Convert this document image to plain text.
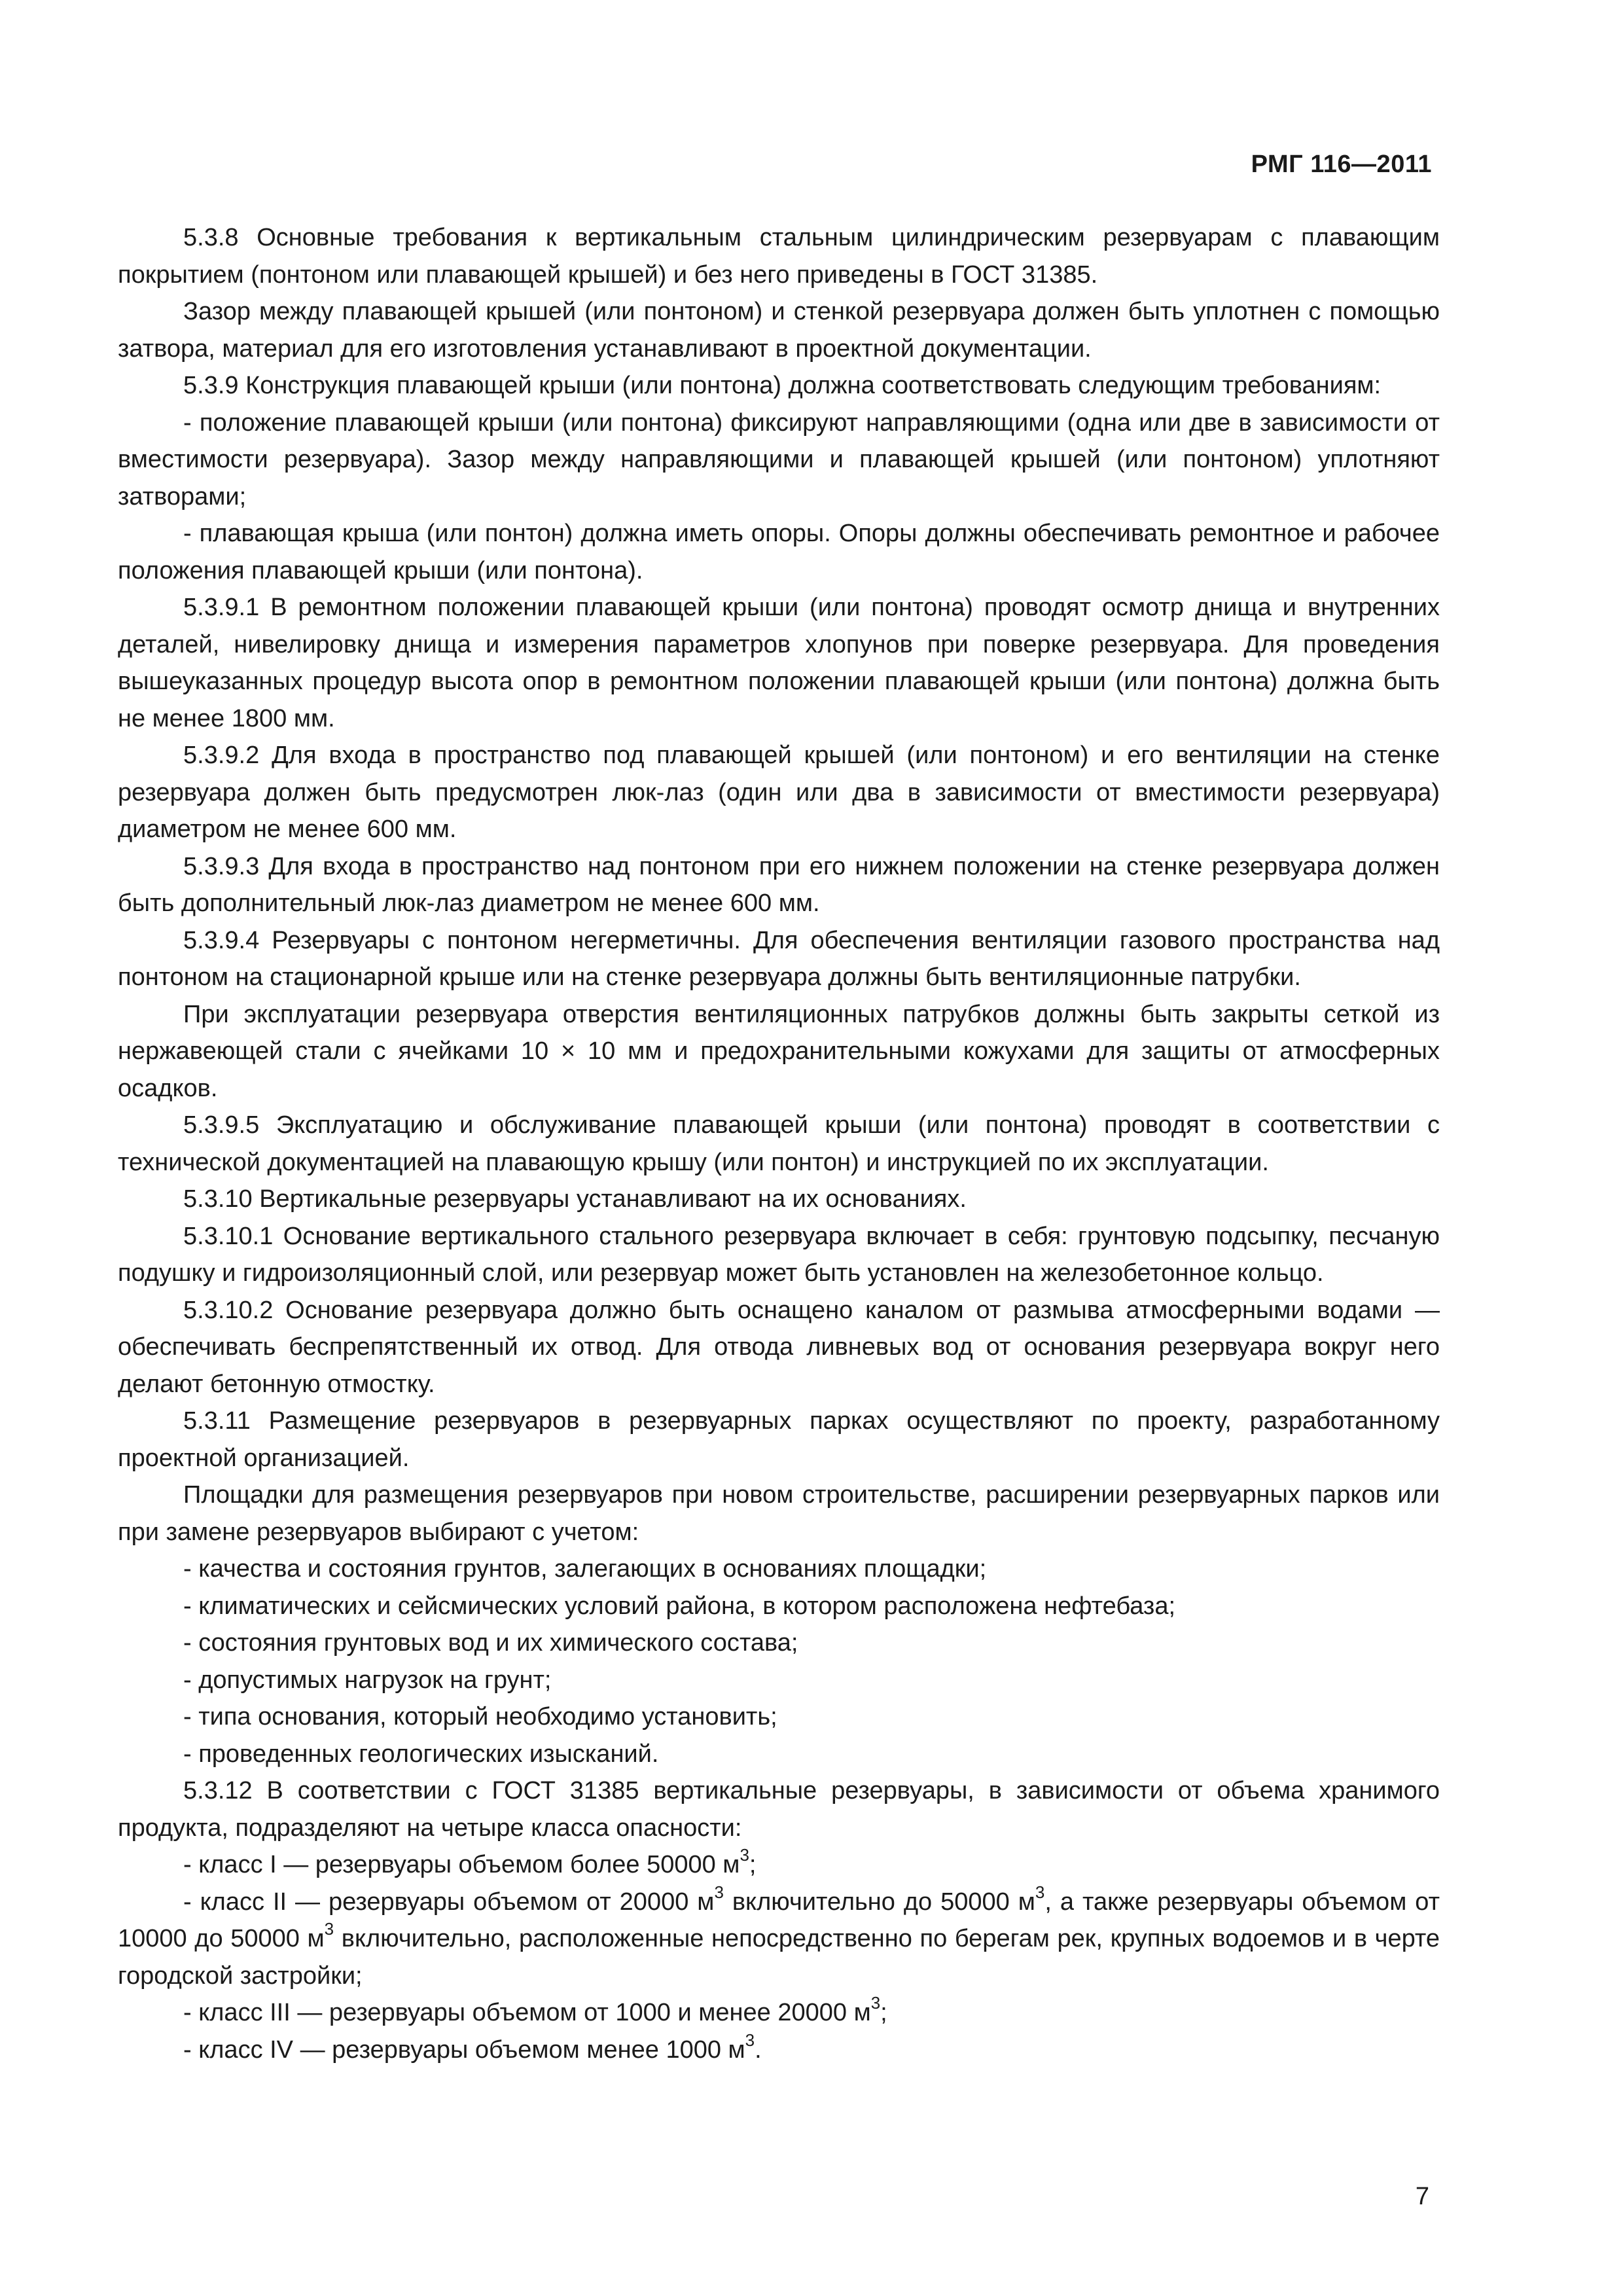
РМГ 116—2011

5.3.8 Основные требования к вертикальным стальным цилиндрическим резервуарам с плавающим покрытием (понтоном или плавающей крышей) и без него приведены в ГОСТ 31385.

Зазор между плавающей крышей (или понтоном) и стенкой резервуара должен быть уплотнен с помощью затвора, материал для его изготовления устанавливают в проектной документации.

5.3.9 Конструкция плавающей крыши (или понтона) должна соответствовать следующим требованиям:

- положение плавающей крыши (или понтона) фиксируют направляющими (одна или две в зависимости от вместимости резервуара). Зазор между направляющими и плавающей крышей (или понтоном) уплотняют затворами;

- плавающая крыша (или понтон) должна иметь опоры. Опоры должны обеспечивать ремонтное и рабочее положения плавающей крыши (или понтона).

5.3.9.1 В ремонтном положении плавающей крыши (или понтона) проводят осмотр днища и внутренних деталей, нивелировку днища и измерения параметров хлопунов при поверке резервуара. Для проведения вышеуказанных процедур высота опор в ремонтном положении плавающей крыши (или понтона) должна быть не менее 1800 мм.

5.3.9.2 Для входа в пространство под плавающей крышей (или понтоном) и его вентиляции на стенке резервуара должен быть предусмотрен люк-лаз (один или два в зависимости от вместимости резервуара) диаметром не менее 600 мм.

5.3.9.3 Для входа в пространство над понтоном при его нижнем положении на стенке резервуара должен быть дополнительный люк-лаз диаметром не менее 600 мм.

5.3.9.4 Резервуары с понтоном негерметичны. Для обеспечения вентиляции газового пространства над понтоном на стационарной крыше или на стенке резервуара должны быть вентиляционные патрубки.

При эксплуатации резервуара отверстия вентиляционных патрубков должны быть закрыты сеткой из нержавеющей стали с ячейками 10 × 10 мм и предохранительными кожухами для защиты от атмосферных осадков.

5.3.9.5 Эксплуатацию и обслуживание плавающей крыши (или понтона) проводят в соответствии с технической документацией на плавающую крышу (или понтон) и инструкцией по их эксплуатации.

5.3.10 Вертикальные резервуары устанавливают на их основаниях.

5.3.10.1 Основание вертикального стального резервуара включает в себя: грунтовую подсыпку, песчаную подушку и гидроизоляционный слой, или резервуар может быть установлен на железобетонное кольцо.

5.3.10.2 Основание резервуара должно быть оснащено каналом от размыва атмосферными водами — обеспечивать беспрепятственный их отвод. Для отвода ливневых вод от основания резервуара вокруг него делают бетонную отмостку.

5.3.11 Размещение резервуаров в резервуарных парках осуществляют по проекту, разработанному проектной организацией.

Площадки для размещения резервуаров при новом строительстве, расширении резервуарных парков или при замене резервуаров выбирают с учетом:

- качества и состояния грунтов, залегающих в основаниях площадки;

- климатических и сейсмических условий района, в котором расположена нефтебаза;

- состояния грунтовых вод и их химического состава;

- допустимых нагрузок на грунт;

- типа основания, который необходимо установить;

- проведенных геологических изысканий.

5.3.12 В соответствии с ГОСТ 31385 вертикальные резервуары, в зависимости от объема хранимого продукта, подразделяют на четыре класса опасности:

- класс I — резервуары объемом более 50000 $м^3$;

- класс II — резервуары объемом от 20000 $м^3$ включительно до 50000 $м^3$, а также резервуары объемом от 10000 до 50000 $м^3$ включительно, расположенные непосредственно по берегам рек, крупных водоемов и в черте городской застройки;

- класс III — резервуары объемом от 1000 и менее 20000 $м^3$;

- класс IV — резервуары объемом менее 1000 $м^3$.

7
